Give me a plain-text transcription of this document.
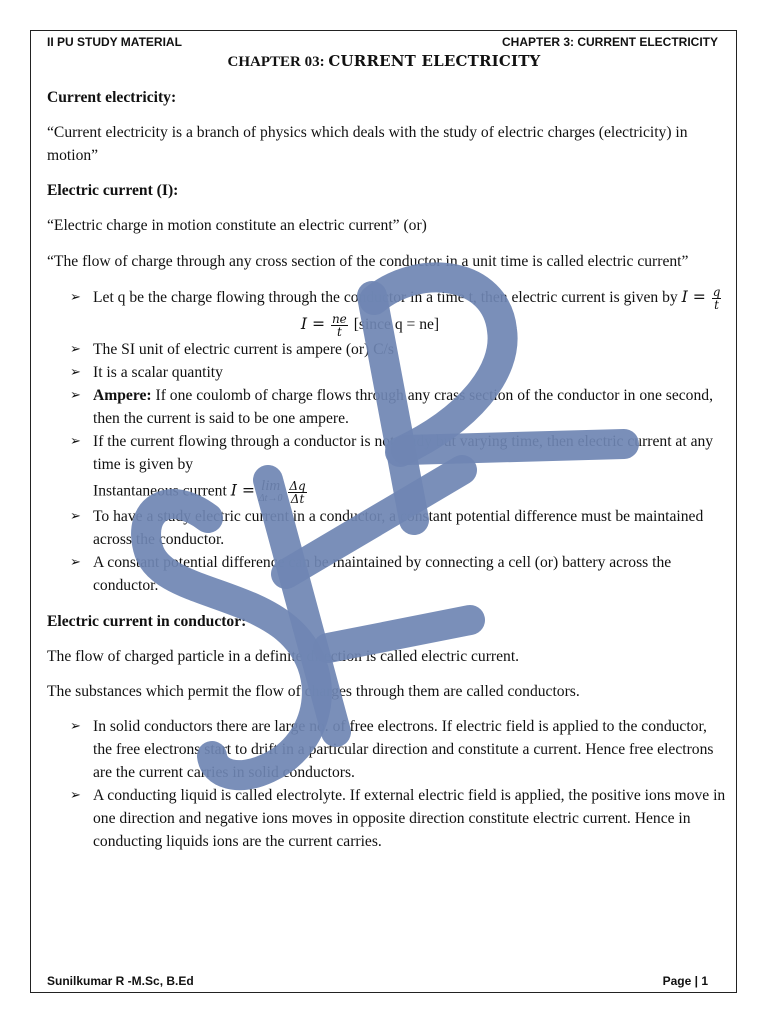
II PU STUDY MATERIAL	CHAPTER 3: CURRENT ELECTRICITY
CHAPTER 03: CURRENT ELECTRICITY

Current electricity:

“Current electricity is a branch of physics which deals with the study of electric charges (electricity) in motion”

Electric current (I):

“Electric charge in motion constitute an electric current” (or)

“The flow of charge through any cross section of the conductor in a unit time is called electric current”

➢ Let q be the charge flowing through the conductor in a time t, then electric current is given by $I = \frac{q}{t}$
$I = \frac{ne}{t}$ [since q = ne]
➢ The SI unit of electric current is ampere (or) C/s
➢ It is a scalar quantity
➢ Ampere: If one coulomb of charge flows through any crass section of the conductor in one second, then the current is said to be one ampere.
➢ If the current flowing through a conductor is not study but varying time, then electric current at any time is given by
Instantaneous current I = lim
Δt→0
$\frac{\Delta q}{\Delta t}$
➢ To have a study electric current in a conductor, a constant potential difference must be maintained across the conductor.
➢ A constant potential difference can be maintained by connecting a cell (or) battery across the conductor.

Electric current in conductor:

The flow of charged particle in a definite direction is called electric current.

The substances which permit the flow of charges through them are called conductors.

➢ In solid conductors there are large no. of free electrons. If electric field is applied to the conductor, the free electrons start to drift in a particular direction and constitute a current. Hence free electrons are the current carries in solid conductors.
➢ A conducting liquid is called electrolyte. If external electric field is applied, the positive ions move in one direction and negative ions moves in opposite direction constitute electric current. Hence in conducting liquids ions are the current carries.
Sunilkumar R -M.Sc, B.Ed	Page | 1
